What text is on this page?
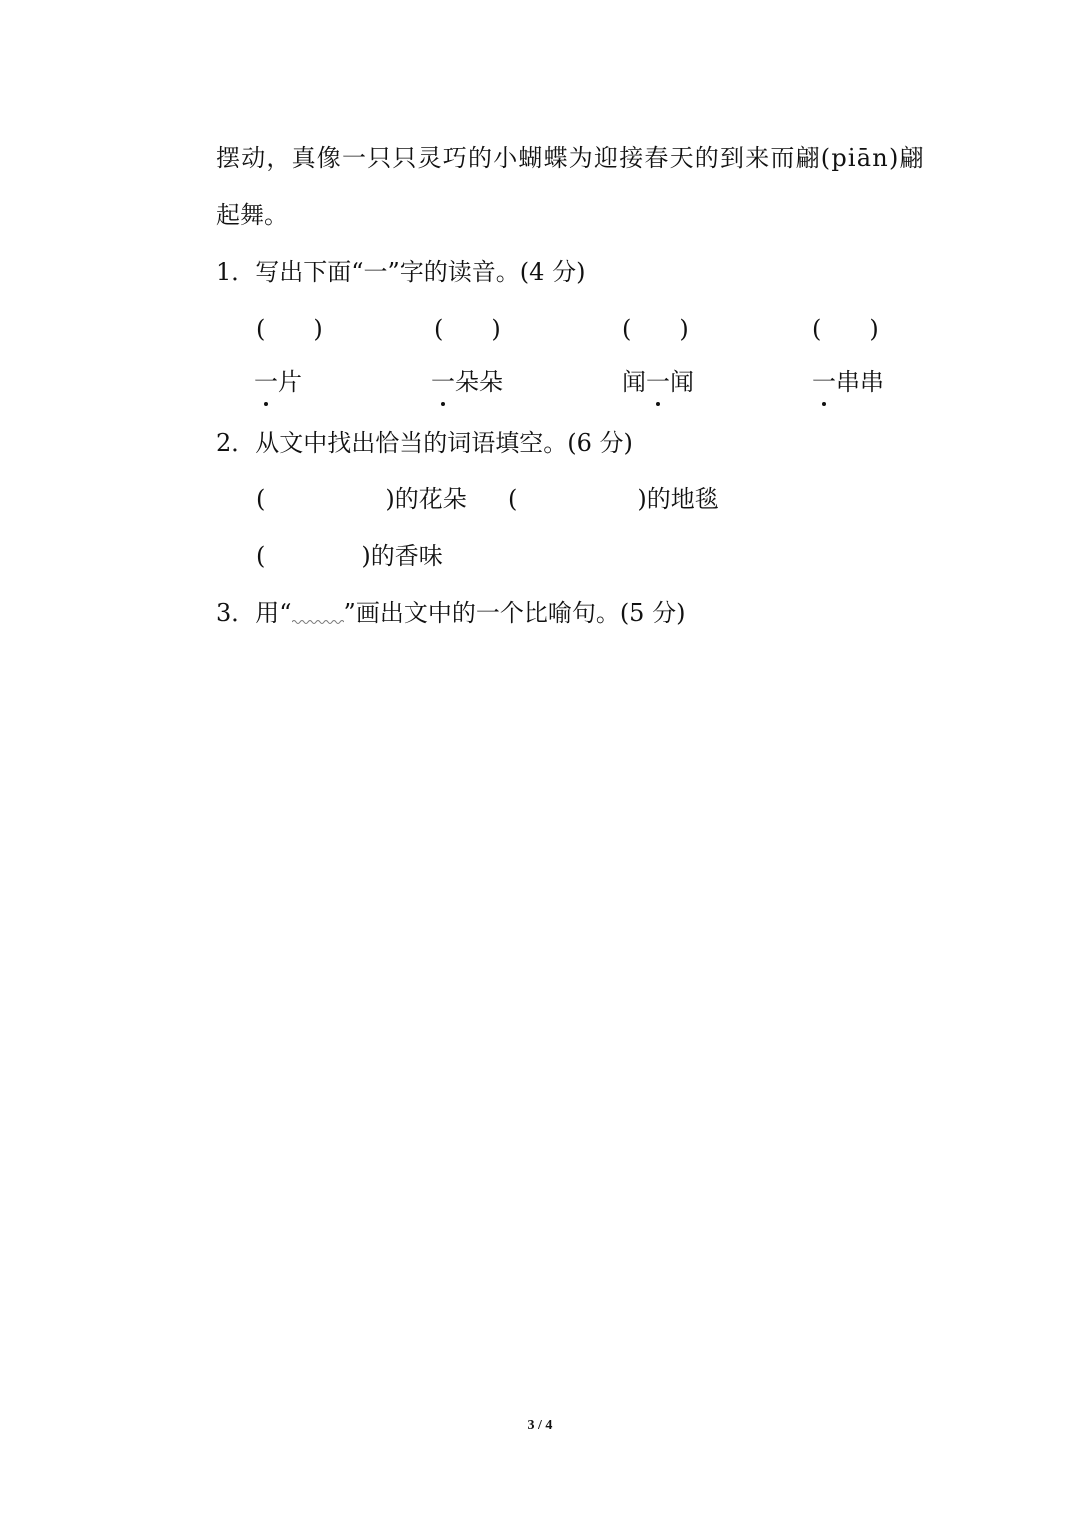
摆动，真像一只只灵巧的小蝴蝶为迎接春天的到来而翩(piān)翩
起舞。
1．写出下面“一”字的读音。(4 分)
(　　)	(　　)	(　　)	(　　)
一片	一朵朵	闻一闻	一串串
2．从文中找出恰当的词语填空。(6 分)
(　　　　　)的花朵 (　　　　　)的地毯
(　　　　)的香味
3．用“ ”画出文中的一个比喻句。(5 分)
3 / 4
